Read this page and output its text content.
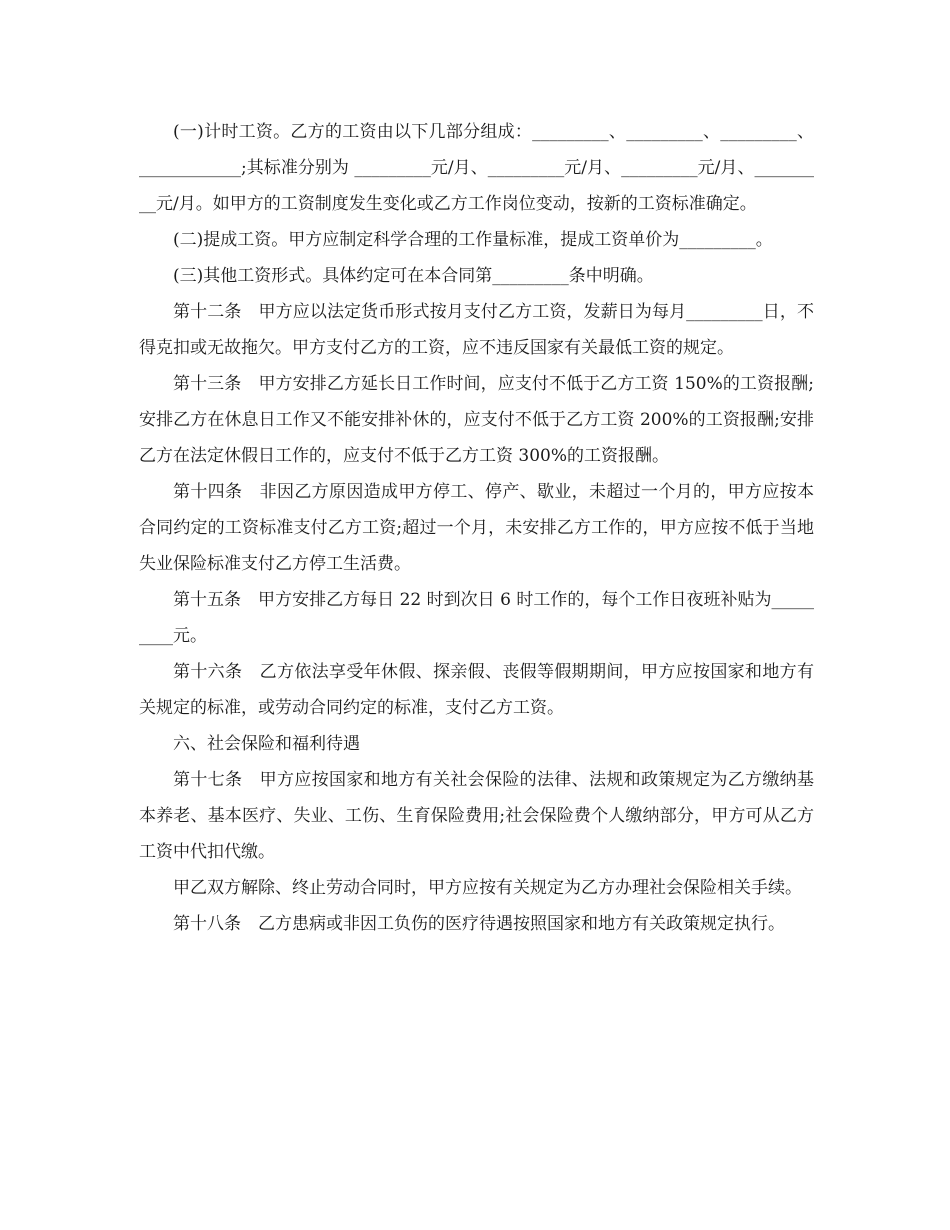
(一)计时工资。乙方的工资由以下几部分组成：_________、_________、_________、____________;其标准分别为 _________元/月、_________元/月、_________元/月、_________元/月。如甲方的工资制度发生变化或乙方工作岗位变动，按新的工资标准确定。

(二)提成工资。甲方应制定科学合理的工作量标准，提成工资单价为_________。

(三)其他工资形式。具体约定可在本合同第_________条中明确。

第十二条　甲方应以法定货币形式按月支付乙方工资，发薪日为每月_________日，不得克扣或无故拖欠。甲方支付乙方的工资，应不违反国家有关最低工资的规定。

第十三条　甲方安排乙方延长日工作时间，应支付不低于乙方工资 150%的工资报酬;安排乙方在休息日工作又不能安排补休的，应支付不低于乙方工资 200%的工资报酬;安排乙方在法定休假日工作的，应支付不低于乙方工资 300%的工资报酬。

第十四条　非因乙方原因造成甲方停工、停产、歇业，未超过一个月的，甲方应按本合同约定的工资标准支付乙方工资;超过一个月，未安排乙方工作的，甲方应按不低于当地失业保险标准支付乙方停工生活费。

第十五条　甲方安排乙方每日 22 时到次日 6 时工作的，每个工作日夜班补贴为_________元。

第十六条　乙方依法享受年休假、探亲假、丧假等假期期间，甲方应按国家和地方有关规定的标准，或劳动合同约定的标准，支付乙方工资。

六、社会保险和福利待遇

第十七条　甲方应按国家和地方有关社会保险的法律、法规和政策规定为乙方缴纳基本养老、基本医疗、失业、工伤、生育保险费用;社会保险费个人缴纳部分，甲方可从乙方工资中代扣代缴。

甲乙双方解除、终止劳动合同时，甲方应按有关规定为乙方办理社会保险相关手续。

第十八条　乙方患病或非因工负伤的医疗待遇按照国家和地方有关政策规定执行。
